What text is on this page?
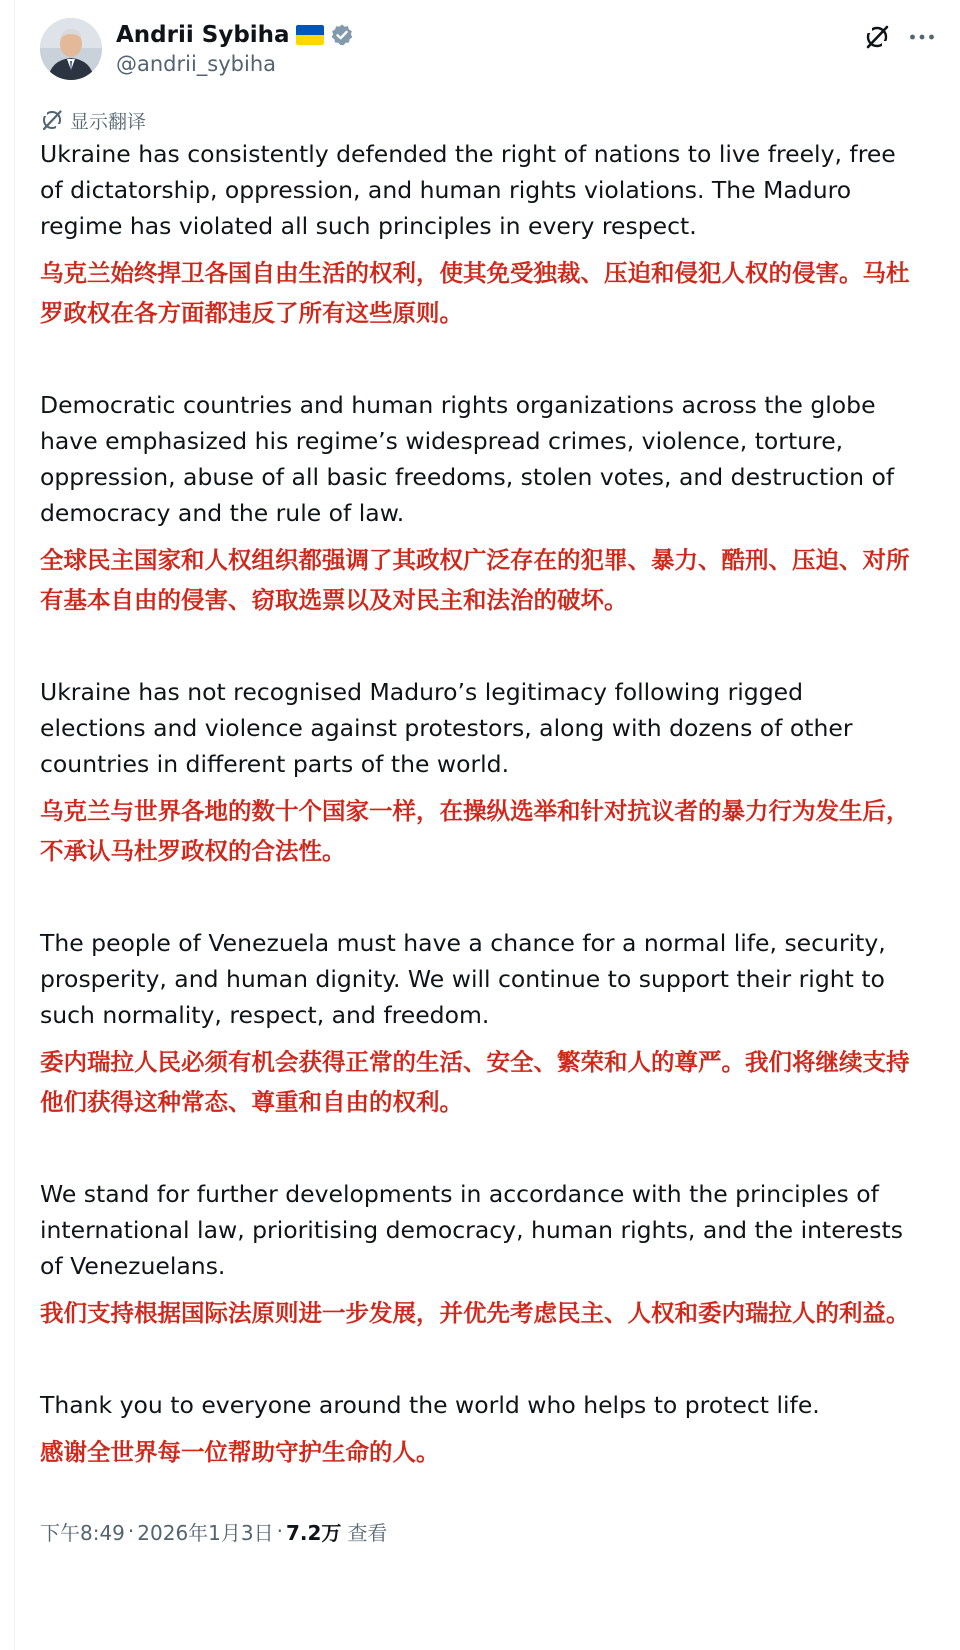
Andrii Sybiha
@andrii_sybiha
显示翻译

Ukraine has consistently defended the right of nations to live freely, free of dictatorship, oppression, and human rights violations. The Maduro regime has violated all such principles in every respect.

乌克兰始终捍卫各国自由生活的权利，使其免受独裁、压迫和侵犯人权的侵害。马杜罗政权在各方面都违反了所有这些原则。

Democratic countries and human rights organizations across the globe have emphasized his regime’s widespread crimes, violence, torture, oppression, abuse of all basic freedoms, stolen votes, and destruction of democracy and the rule of law.

全球民主国家和人权组织都强调了其政权广泛存在的犯罪、暴力、酷刑、压迫、对所有基本自由的侵害、窃取选票以及对民主和法治的破坏。

Ukraine has not recognised Maduro’s legitimacy following rigged elections and violence against protestors, along with dozens of other countries in different parts of the world.

乌克兰与世界各地的数十个国家一样，在操纵选举和针对抗议者的暴力行为发生后，不承认马杜罗政权的合法性。

The people of Venezuela must have a chance for a normal life, security, prosperity, and human dignity. We will continue to support their right to such normality, respect, and freedom.

委内瑞拉人民必须有机会获得正常的生活、安全、繁荣和人的尊严。我们将继续支持他们获得这种常态、尊重和自由的权利。

We stand for further developments in accordance with the principles of international law, prioritising democracy, human rights, and the interests of Venezuelans.

我们支持根据国际法原则进一步发展，并优先考虑民主、人权和委内瑞拉人的利益。

Thank you to everyone around the world who helps to protect life.

感谢全世界每一位帮助守护生命的人。

下午8:49 · 2026年1月3日 · 7.2万 查看
